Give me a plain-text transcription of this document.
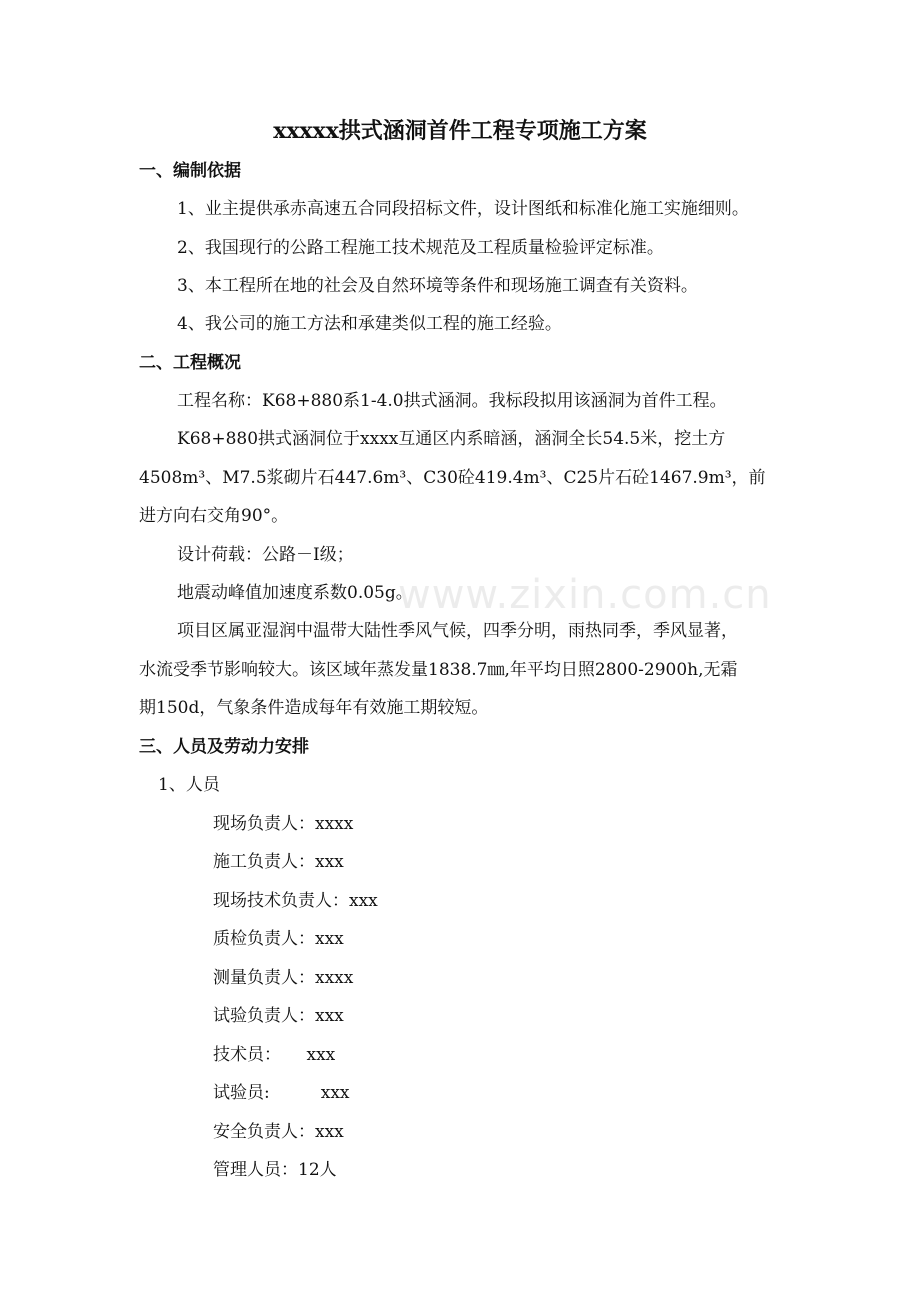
www.zixin.com.cn
xxxxx拱式涵洞首件工程专项施工方案

一、编制依据

1、业主提供承赤高速五合同段招标文件，设计图纸和标准化施工实施细则。

2、我国现行的公路工程施工技术规范及工程质量检验评定标准。

3、本工程所在地的社会及自然环境等条件和现场施工调查有关资料。

4、我公司的施工方法和承建类似工程的施工经验。

二、工程概况

工程名称：K68+880系1-4.0拱式涵洞。我标段拟用该涵洞为首件工程。

K68+880拱式涵洞位于xxxx互通区内系暗涵，涵洞全长54.5米，挖土方

4508m³、M7.5浆砌片石447.6m³、C30砼419.4m³、C25片石砼1467.9m³，前

进方向右交角90°。

设计荷载：公路－Ⅰ级；

地震动峰值加速度系数0.05g。

项目区属亚湿润中温带大陆性季风气候，四季分明，雨热同季，季风显著，

水流受季节影响较大。该区域年蒸发量1838.7㎜,年平均日照2800-2900h,无霜

期150d，气象条件造成每年有效施工期较短。

三、人员及劳动力安排

1、人员

现场负责人：xxxx

施工负责人：xxx

现场技术负责人：xxx

质检负责人：xxx

测量负责人：xxxx

试验负责人：xxx

技术员：　　xxx

试验员:　　　xxx

安全负责人：xxx

管理人员：12人
